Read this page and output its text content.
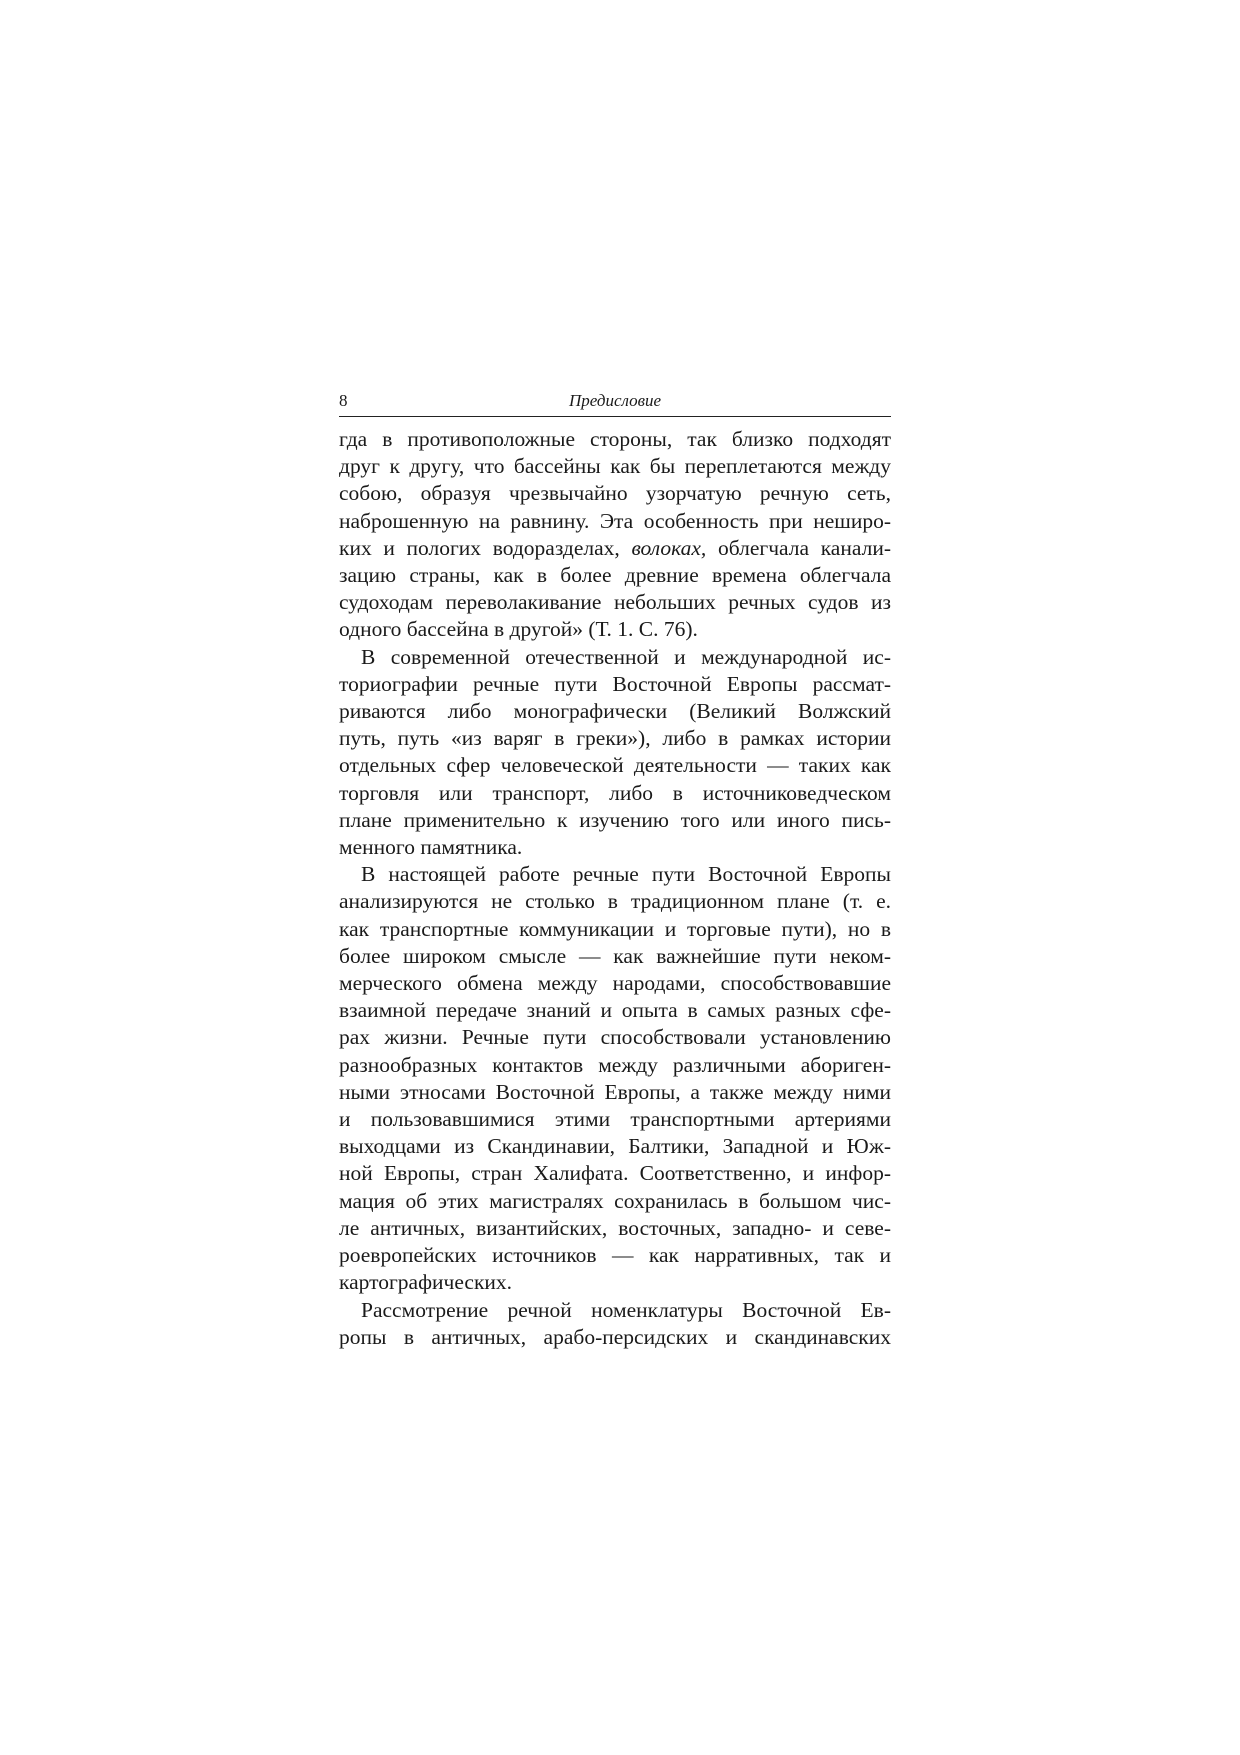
8	Предисловие

гда в противоположные стороны, так близко подходят
друг к другу, что бассейны как бы переплетаются между
собою, образуя чрезвычайно узорчатую речную сеть,
наброшенную на равнину. Эта особенность при неширо-
ких и пологих водоразделах, волоках, облегчала канали-
зацию страны, как в более древние времена облегчала
судоходам переволакивание небольших речных судов из
одного бассейна в другой» (Т. 1. С. 76).

В современной отечественной и международной ис-
ториографии речные пути Восточной Европы рассмат-
риваются либо монографически (Великий Волжский
путь, путь «из варяг в греки»), либо в рамках истории
отдельных сфер человеческой деятельности — таких как
торговля или транспорт, либо в источниковедческом
плане применительно к изучению того или иного пись-
менного памятника.

В настоящей работе речные пути Восточной Европы
анализируются не столько в традиционном плане (т. е.
как транспортные коммуникации и торговые пути), но в
более широком смысле — как важнейшие пути неком-
мерческого обмена между народами, способствовавшие
взаимной передаче знаний и опыта в самых разных сфе-
рах жизни. Речные пути способствовали установлению
разнообразных контактов между различными абориген-
ными этносами Восточной Европы, а также между ними
и пользовавшимися этими транспортными артериями
выходцами из Скандинавии, Балтики, Западной и Юж-
ной Европы, стран Халифата. Соответственно, и инфор-
мация об этих магистралях сохранилась в большом чис-
ле античных, византийских, восточных, западно- и севе-
роевропейских источников — как нарративных, так и
картографических.

Рассмотрение речной номенклатуры Восточной Ев-
ропы в античных, арабо-персидских и скандинавских
